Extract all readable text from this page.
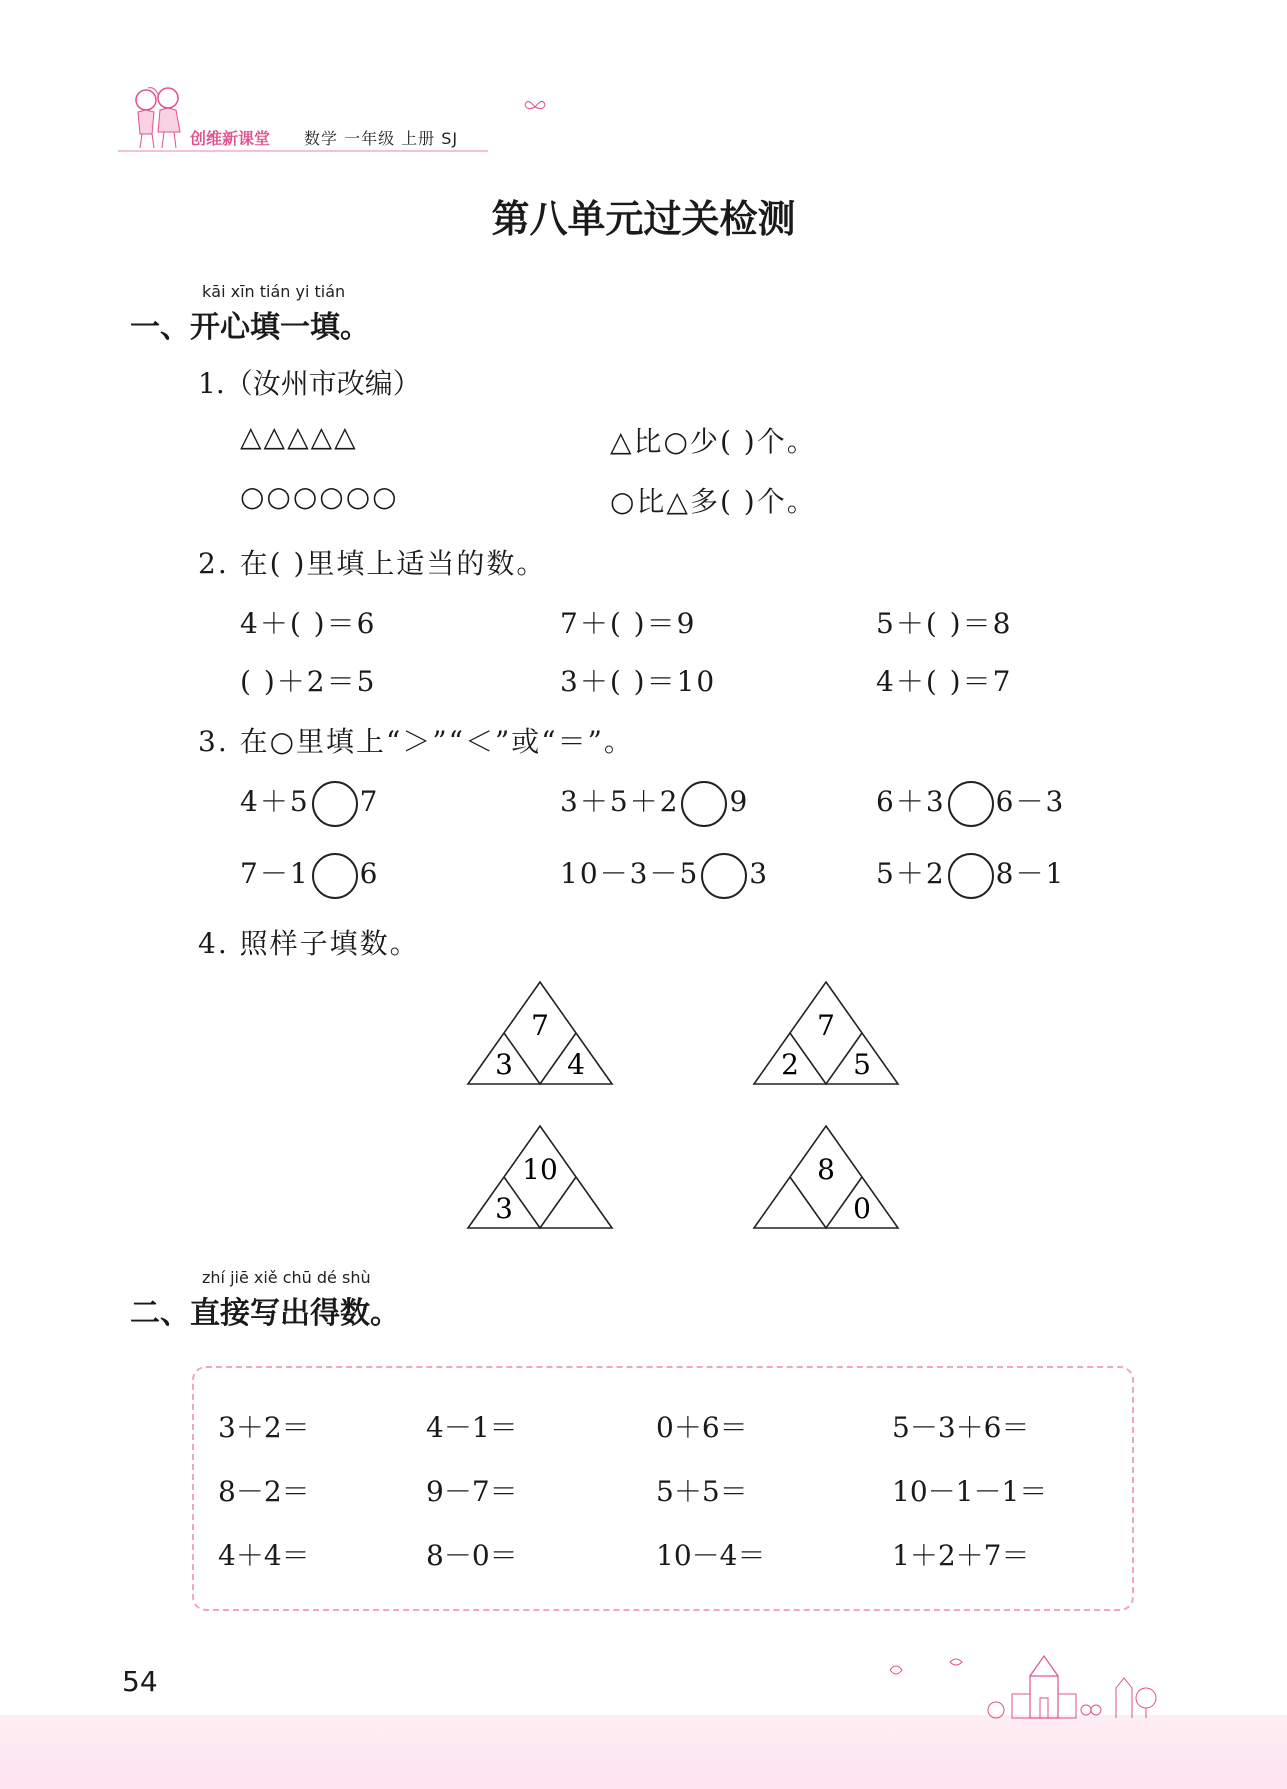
创维新课堂 数学 一年级 上册 SJ
第八单元过关检测
kāi xīn tián yi tián
一、开心填一填。
1.（汝州市改编）
△△△△△	△比○少( )个。
○○○○○○	○比△多( )个。
2. 在( )里填上适当的数。
4＋( )＝6	7＋( )＝9	5＋( )＝8
( )＋2＝5	3＋( )＝10	4＋( )＝7
3. 在○里填上“＞”“＜”或“＝”。
4＋5 7	3＋5＋2 9	6＋3 6－3
7－1 6	10－3－5 3	5＋2 8－1
4. 照样子填数。
7
3 4
7
2 5
10
3
8
0
zhí jiē xiě chū dé shù
二、直接写出得数。
3＋2＝	4－1＝	0＋6＝	5－3＋6＝
8－2＝	9－7＝	5＋5＝	10－1－1＝
4＋4＝	8－0＝	10－4＝	1＋2＋7＝
54
